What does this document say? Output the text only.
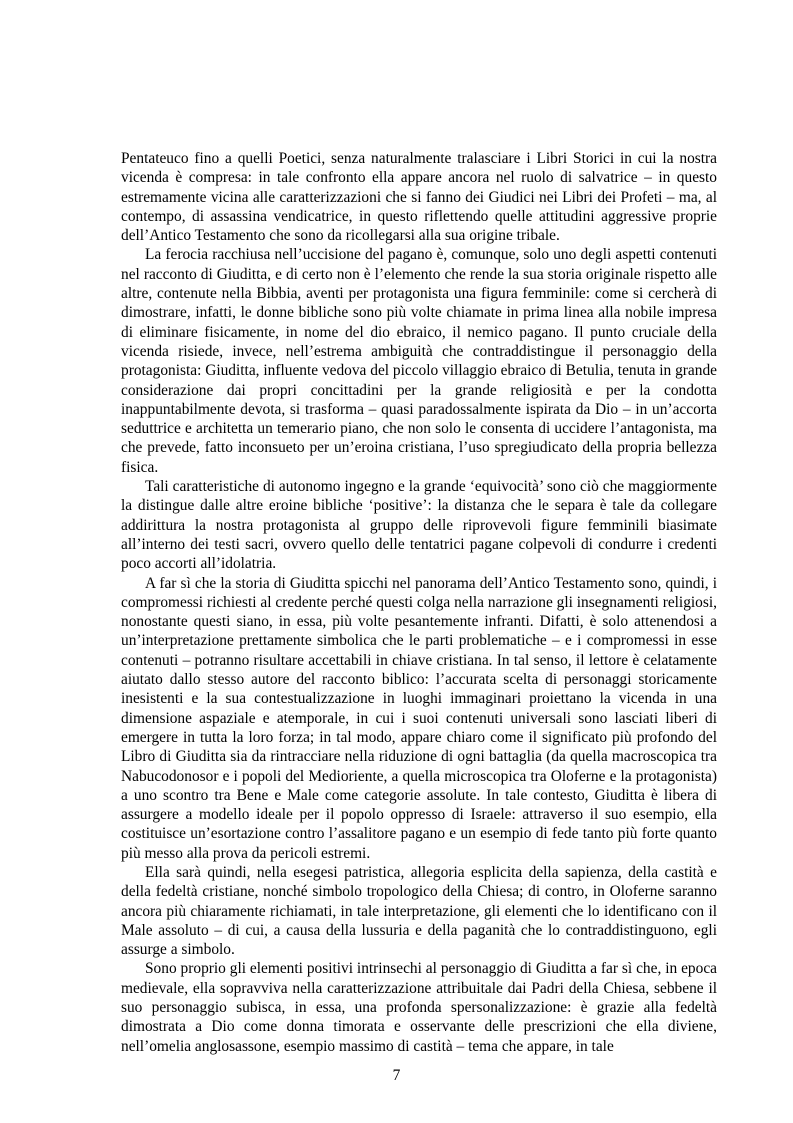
Pentateuco fino a quelli Poetici, senza naturalmente tralasciare i Libri Storici in cui la nostra vicenda è compresa: in tale confronto ella appare ancora nel ruolo di salvatrice – in questo estremamente vicina alle caratterizzazioni che si fanno dei Giudici nei Libri dei Profeti – ma, al contempo, di assassina vendicatrice, in questo riflettendo quelle attitudini aggressive proprie dell’Antico Testamento che sono da ricollegarsi alla sua origine tribale.

La ferocia racchiusa nell’uccisione del pagano è, comunque, solo uno degli aspetti contenuti nel racconto di Giuditta, e di certo non è l’elemento che rende la sua storia originale rispetto alle altre, contenute nella Bibbia, aventi per protagonista una figura femminile: come si cercherà di dimostrare, infatti, le donne bibliche sono più volte chiamate in prima linea alla nobile impresa di eliminare fisicamente, in nome del dio ebraico, il nemico pagano. Il punto cruciale della vicenda risiede, invece, nell’estrema ambiguità che contraddistingue il personaggio della protagonista: Giuditta, influente vedova del piccolo villaggio ebraico di Betulia, tenuta in grande considerazione dai propri concittadini per la grande religiosità e per la condotta inappuntabilmente devota, si trasforma – quasi paradossalmente ispirata da Dio – in un’accorta seduttrice e architetta un temerario piano, che non solo le consenta di uccidere l’antagonista, ma che prevede, fatto inconsueto per un’eroina cristiana, l’uso spregiudicato della propria bellezza fisica.

Tali caratteristiche di autonomo ingegno e la grande ‘equivocità’ sono ciò che maggiormente la distingue dalle altre eroine bibliche ‘positive’: la distanza che le separa è tale da collegare addirittura la nostra protagonista al gruppo delle riprovevoli figure femminili biasimate all’interno dei testi sacri, ovvero quello delle tentatrici pagane colpevoli di condurre i credenti poco accorti all’idolatria.

A far sì che la storia di Giuditta spicchi nel panorama dell’Antico Testamento sono, quindi, i compromessi richiesti al credente perché questi colga nella narrazione gli insegnamenti religiosi, nonostante questi siano, in essa, più volte pesantemente infranti. Difatti, è solo attenendosi a un’interpretazione prettamente simbolica che le parti problematiche – e i compromessi in esse contenuti – potranno risultare accettabili in chiave cristiana. In tal senso, il lettore è celatamente aiutato dallo stesso autore del racconto biblico: l’accurata scelta di personaggi storicamente inesistenti e la sua contestualizzazione in luoghi immaginari proiettano la vicenda in una dimensione aspaziale e atemporale, in cui i suoi contenuti universali sono lasciati liberi di emergere in tutta la loro forza; in tal modo, appare chiaro come il significato più profondo del Libro di Giuditta sia da rintracciare nella riduzione di ogni battaglia (da quella macroscopica tra Nabucodonosor e i popoli del Medioriente, a quella microscopica tra Oloferne e la protagonista) a uno scontro tra Bene e Male come categorie assolute. In tale contesto, Giuditta è libera di assurgere a modello ideale per il popolo oppresso di Israele: attraverso il suo esempio, ella costituisce un’esortazione contro l’assalitore pagano e un esempio di fede tanto più forte quanto più messo alla prova da pericoli estremi.

Ella sarà quindi, nella esegesi patristica, allegoria esplicita della sapienza, della castità e della fedeltà cristiane, nonché simbolo tropologico della Chiesa; di contro, in Oloferne saranno ancora più chiaramente richiamati, in tale interpretazione, gli elementi che lo identificano con il Male assoluto – di cui, a causa della lussuria e della paganità che lo contraddistinguono, egli assurge a simbolo.

Sono proprio gli elementi positivi intrinsechi al personaggio di Giuditta a far sì che, in epoca medievale, ella sopravviva nella caratterizzazione attribuitale dai Padri della Chiesa, sebbene il suo personaggio subisca, in essa, una profonda spersonalizzazione: è grazie alla fedeltà dimostrata a Dio come donna timorata e osservante delle prescrizioni che ella diviene, nell’omelia anglosassone, esempio massimo di castità – tema che appare, in tale

7
